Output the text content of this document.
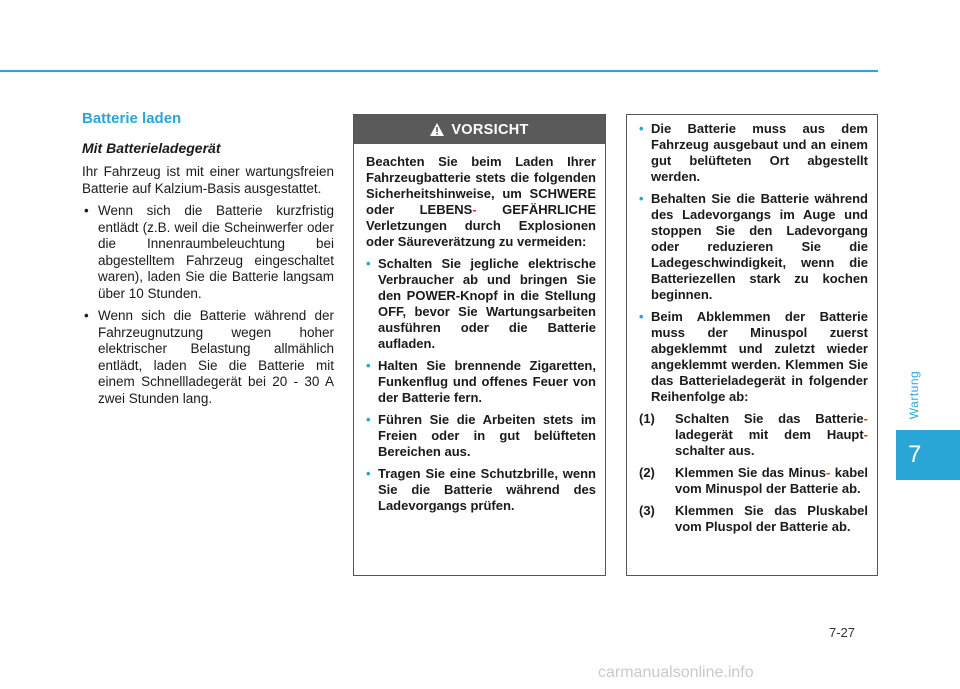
Wartung
7
Batterie laden
Mit Batterieladegerät

Ihr Fahrzeug ist mit einer wartungsfreien Batterie auf Kalzium-Basis ausgestattet.

• Wenn sich die Batterie kurzfristig entlädt (z.B. weil die Scheinwerfer oder die Innenraumbeleuchtung bei abgestelltem Fahrzeug eingeschaltet waren), laden Sie die Batterie langsam über 10 Stunden.
• Wenn sich die Batterie während der Fahrzeugnutzung wegen hoher elektrischer Belastung allmählich entlädt, laden Sie die Batterie mit einem Schnellladegerät bei 20 - 30 A zwei Stunden lang.
VORSICHT

Beachten Sie beim Laden Ihrer Fahrzeugbatterie stets die folgenden Sicherheitshinweise, um SCHWERE oder LEBENS- GEFÄHRLICHE Verletzungen durch Explosionen oder Säureverätzung zu vermeiden:

• Schalten Sie jegliche elektrische Verbraucher ab und bringen Sie den POWER-Knopf in die Stellung OFF, bevor Sie Wartungsarbeiten ausführen oder die Batterie aufladen.
• Halten Sie brennende Zigaretten, Funkenflug und offenes Feuer von der Batterie fern.
• Führen Sie die Arbeiten stets im Freien oder in gut belüfteten Bereichen aus.
• Tragen Sie eine Schutzbrille, wenn Sie die Batterie während des Ladevorgangs prüfen.
• Die Batterie muss aus dem Fahrzeug ausgebaut und an einem gut belüfteten Ort abgestellt werden.
• Behalten Sie die Batterie während des Ladevorgangs im Auge und stoppen Sie den Ladevorgang oder reduzieren Sie die Ladegeschwindigkeit, wenn die Batteriezellen stark zu kochen beginnen.
• Beim Abklemmen der Batterie muss der Minuspol zuerst abgeklemmt und zuletzt wieder angeklemmt werden. Klemmen Sie das Batterieladegerät in folgender Reihenfolge ab:
(1) Schalten Sie das Batterie- ladegerät mit dem Haupt- schalter aus.
(2) Klemmen Sie das Minus- kabel vom Minuspol der Batterie ab.
(3) Klemmen Sie das Pluskabel vom Pluspol der Batterie ab.
7-27
carmanualsonline.info
